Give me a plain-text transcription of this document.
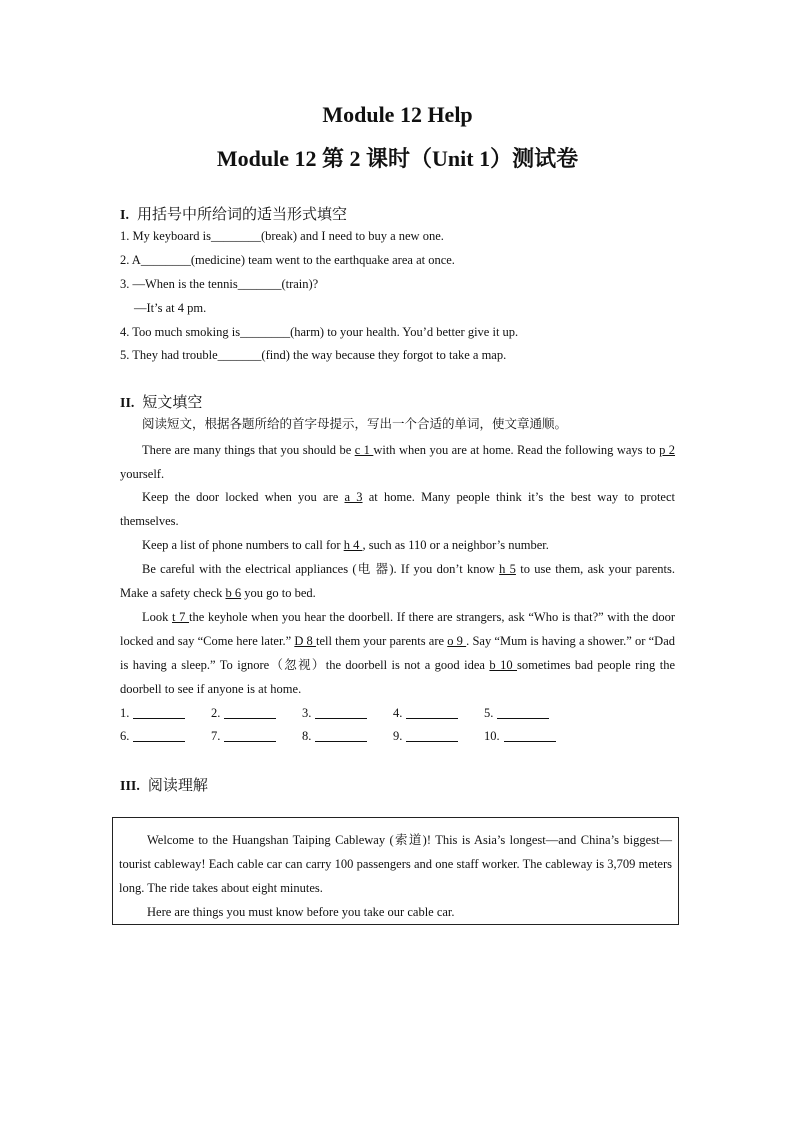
Module 12 Help
Module 12 第 2 课时（Unit 1）测试卷
I. 用括号中所给词的适当形式填空
1. My keyboard is________(break) and I need to buy a new one.
2. A________(medicine) team went to the earthquake area at once.
3. —When is the tennis_______(train)?
—It’s at 4 pm.
4. Too much smoking is________(harm) to your health. You’d better give it up.
5. They had trouble_______(find) the way because they forgot to take a map.
II. 短文填空
阅读短文，根据各题所给的首字母提示，写出一个合适的单词，使文章通顺。
There are many things that you should be c 1 with when you are at home. Read the following ways to p 2 yourself.
Keep the door locked when you are a 3 at home. Many people think it’s the best way to protect themselves.
Keep a list of phone numbers to call for h 4 , such as 110 or a neighbor’s number.
Be careful with the electrical appliances (电 器). If you don’t know h 5 to use them, ask your parents. Make a safety check b 6 you go to bed.
Look t 7 the keyhole when you hear the doorbell. If there are strangers, ask “Who is that?” with the door locked and say “Come here later.” D 8 tell them your parents are o 9 . Say “Mum is having a shower.” or “Dad is having a sleep.” To ignore（忽视）the doorbell is not a good idea b 10 sometimes bad people ring the doorbell to see if anyone is at home.
1.	2.	3.	4.	5.
6.	7.	8.	9.	10.
III. 阅读理解

Welcome to the Huangshan Taiping Cableway (索道)! This is Asia’s longest—and China’s biggest—tourist cableway! Each cable car can carry 100 passengers and one staff worker. The cableway is 3,709 meters long. The ride takes about eight minutes.

Here are things you must know before you take our cable car.
